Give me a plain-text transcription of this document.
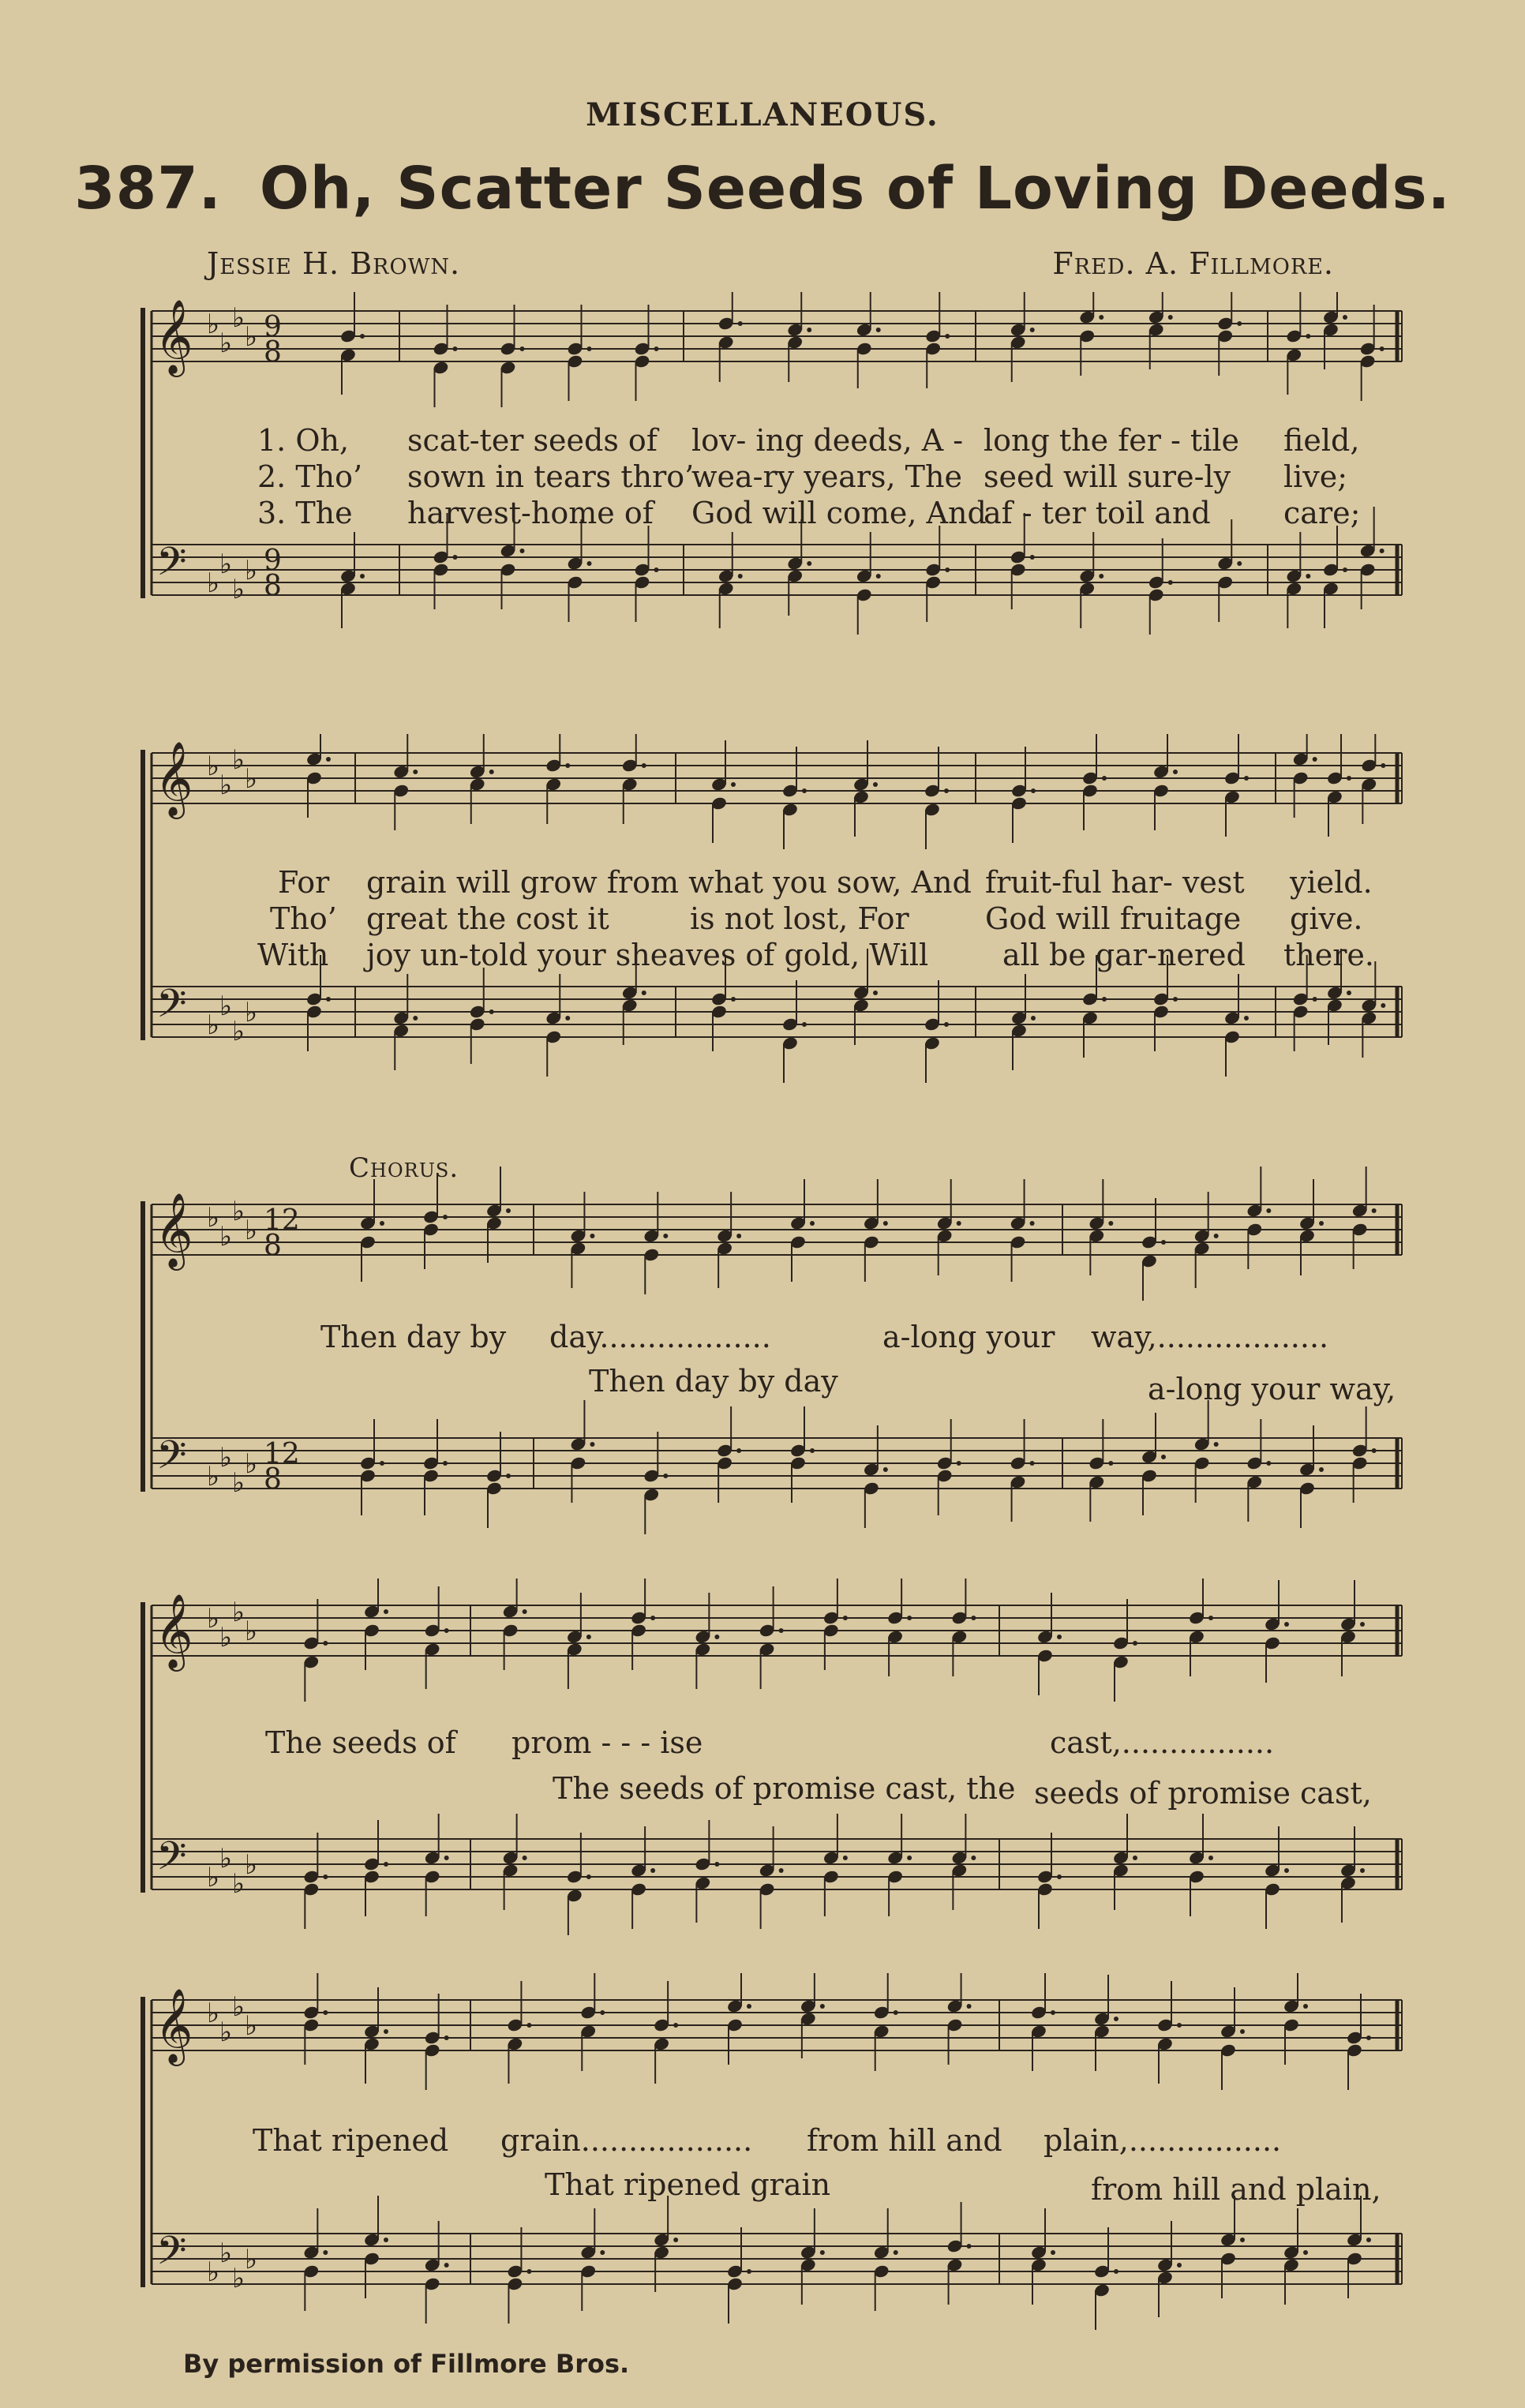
MISCELLANEOUS.
387. Oh, Scatter Seeds of Loving Deeds.
Jessie H. Brown.	Fred. A. Fillmore.
𝄞
𝄢
♭
♭
♭
♭
♭
♭
♭
♭
9
8
9
8
1. Oh, scat-ter seeds of lov- ing deeds, A - long the fer - tile field,
2. Tho’ sown in tears thro’
wea-ry years, The seed will sure-ly live;
3. The harvest-home of God will come, And
af - ter toil and care;
𝄞
𝄢
♭
♭
♭
♭
♭
♭
♭
♭
For grain will grow from what you sow, And fruit-ful har- vest yield.
Tho’ great the cost it	is not lost, For	God will fruitage give.
With joy un-told your sheaves of gold, Will all be gar-nered there.
Chorus.
𝄞
𝄢
♭
♭
♭
♭
♭
♭
♭
♭
12
8
12
8
Then day by day..................	a-long your way,..................
Then day by day	a-long your way,
𝄞
𝄢
♭
♭
♭
♭
♭
♭
♭
♭
The seeds of prom - - - ise	cast,................
The seeds of promise cast, the seeds of promise cast,
𝄞
𝄢
♭
♭
♭
♭
♭
♭
♭
♭
That ripened grain.................. from hill and plain,................
That ripened grain	from hill and plain,
By permission of Fillmore Bros.
